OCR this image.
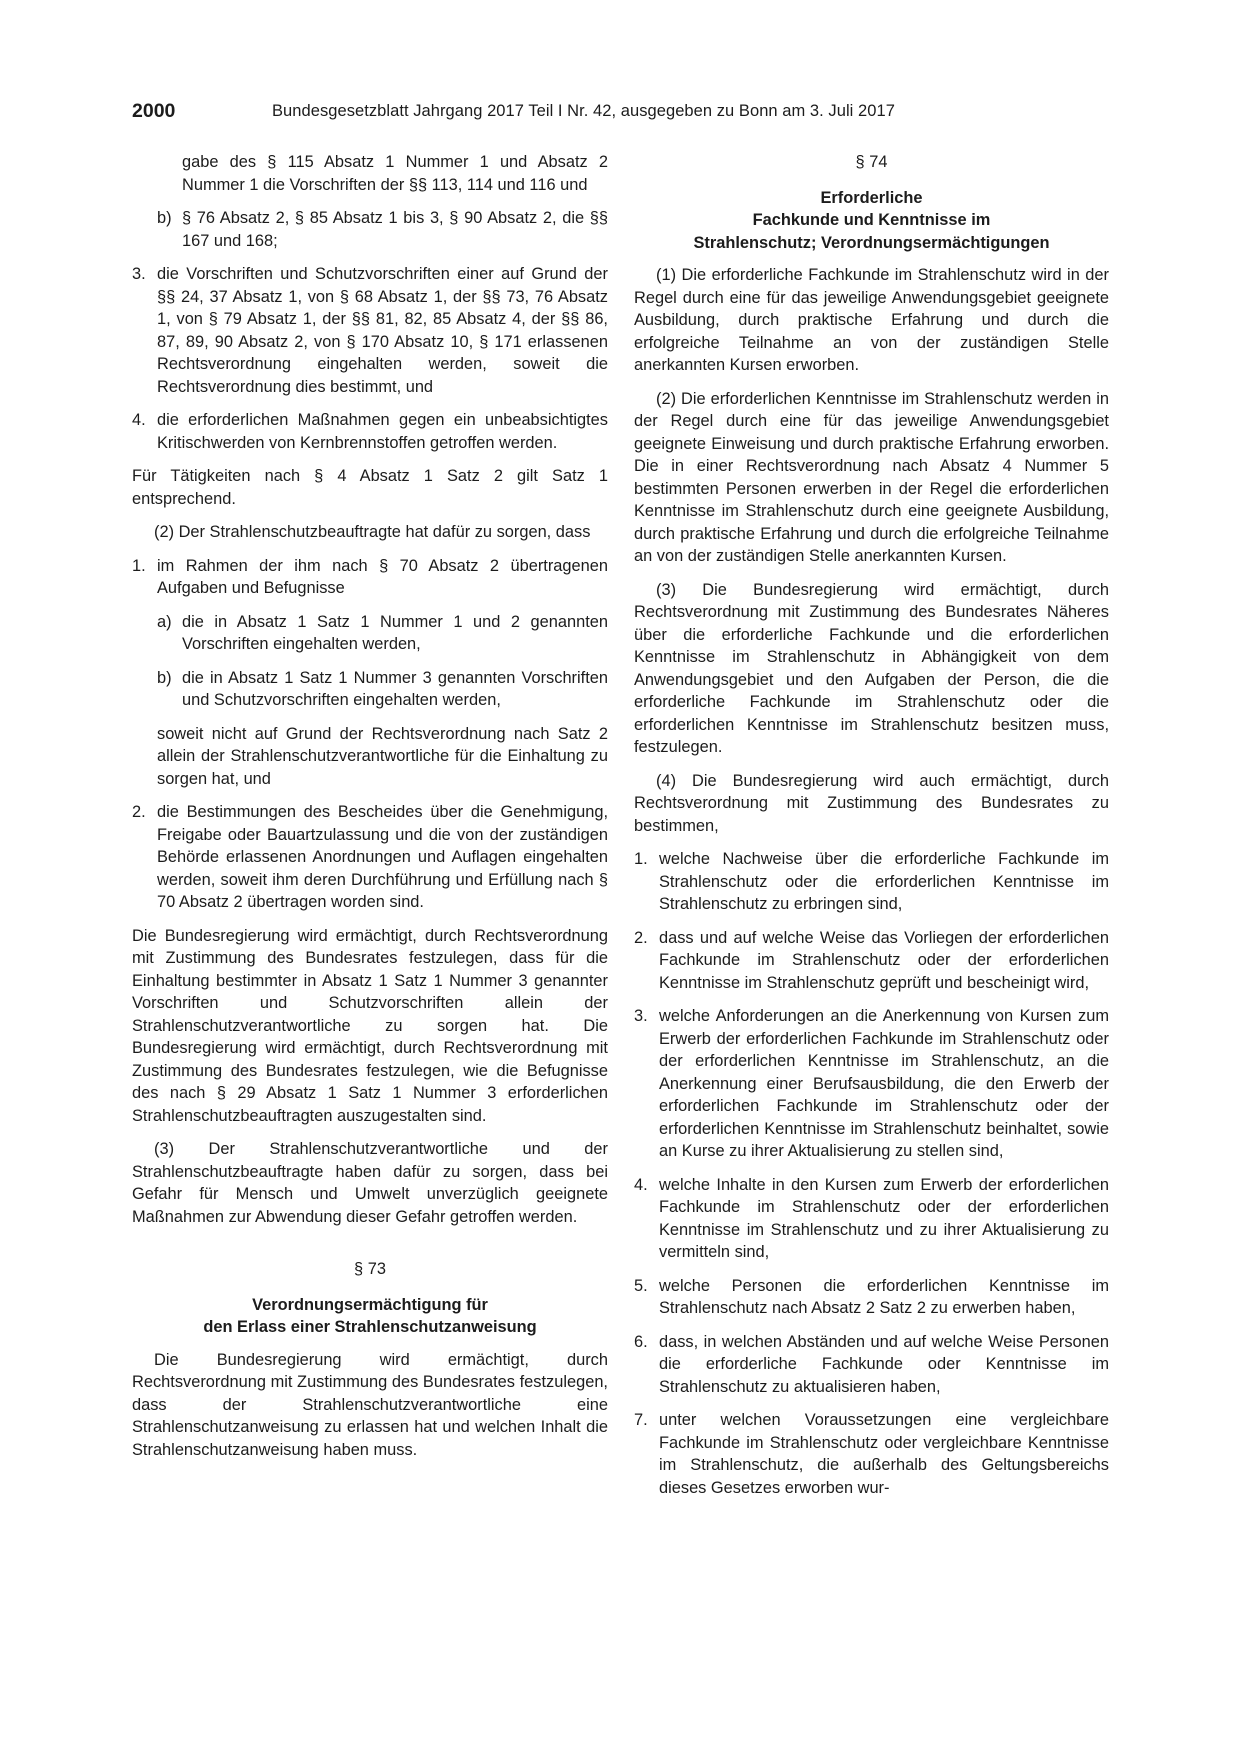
2000	Bundesgesetzblatt Jahrgang 2017 Teil I Nr. 42, ausgegeben zu Bonn am 3. Juli 2017

gabe des § 115 Absatz 1 Nummer 1 und Absatz 2 Nummer 1 die Vorschriften der §§ 113, 114 und 116 und

b) § 76 Absatz 2, § 85 Absatz 1 bis 3, § 90 Absatz 2, die §§ 167 und 168;

3. die Vorschriften und Schutzvorschriften einer auf Grund der §§ 24, 37 Absatz 1, von § 68 Absatz 1, der §§ 73, 76 Absatz 1, von § 79 Absatz 1, der §§ 81, 82, 85 Absatz 4, der §§ 86, 87, 89, 90 Absatz 2, von § 170 Absatz 10, § 171 erlassenen Rechtsverordnung eingehalten werden, soweit die Rechtsverordnung dies bestimmt, und

4. die erforderlichen Maßnahmen gegen ein unbeabsichtigtes Kritischwerden von Kernbrennstoffen getroffen werden.

Für Tätigkeiten nach § 4 Absatz 1 Satz 2 gilt Satz 1 entsprechend.

(2) Der Strahlenschutzbeauftragte hat dafür zu sorgen, dass

1. im Rahmen der ihm nach § 70 Absatz 2 übertragenen Aufgaben und Befugnisse

a) die in Absatz 1 Satz 1 Nummer 1 und 2 genannten Vorschriften eingehalten werden,

b) die in Absatz 1 Satz 1 Nummer 3 genannten Vorschriften und Schutzvorschriften eingehalten werden,

soweit nicht auf Grund der Rechtsverordnung nach Satz 2 allein der Strahlenschutzverantwortliche für die Einhaltung zu sorgen hat, und

2. die Bestimmungen des Bescheides über die Genehmigung, Freigabe oder Bauartzulassung und die von der zuständigen Behörde erlassenen Anordnungen und Auflagen eingehalten werden, soweit ihm deren Durchführung und Erfüllung nach § 70 Absatz 2 übertragen worden sind.

Die Bundesregierung wird ermächtigt, durch Rechtsverordnung mit Zustimmung des Bundesrates festzulegen, dass für die Einhaltung bestimmter in Absatz 1 Satz 1 Nummer 3 genannter Vorschriften und Schutzvorschriften allein der Strahlenschutzverantwortliche zu sorgen hat. Die Bundesregierung wird ermächtigt, durch Rechtsverordnung mit Zustimmung des Bundesrates festzulegen, wie die Befugnisse des nach § 29 Absatz 1 Satz 1 Nummer 3 erforderlichen Strahlenschutzbeauftragten auszugestalten sind.

(3) Der Strahlenschutzverantwortliche und der Strahlenschutzbeauftragte haben dafür zu sorgen, dass bei Gefahr für Mensch und Umwelt unverzüglich geeignete Maßnahmen zur Abwendung dieser Gefahr getroffen werden.

§ 73

Verordnungsermächtigung für

den Erlass einer Strahlenschutzanweisung

Die Bundesregierung wird ermächtigt, durch Rechtsverordnung mit Zustimmung des Bundesrates festzulegen, dass der Strahlenschutzverantwortliche eine Strahlenschutzanweisung zu erlassen hat und welchen Inhalt die Strahlenschutzanweisung haben muss.

§ 74

Erforderliche

Fachkunde und Kenntnisse im

Strahlenschutz; Verordnungsermächtigungen

(1) Die erforderliche Fachkunde im Strahlenschutz wird in der Regel durch eine für das jeweilige Anwendungsgebiet geeignete Ausbildung, durch praktische Erfahrung und durch die erfolgreiche Teilnahme an von der zuständigen Stelle anerkannten Kursen erworben.

(2) Die erforderlichen Kenntnisse im Strahlenschutz werden in der Regel durch eine für das jeweilige Anwendungsgebiet geeignete Einweisung und durch praktische Erfahrung erworben. Die in einer Rechtsverordnung nach Absatz 4 Nummer 5 bestimmten Personen erwerben in der Regel die erforderlichen Kenntnisse im Strahlenschutz durch eine geeignete Ausbildung, durch praktische Erfahrung und durch die erfolgreiche Teilnahme an von der zuständigen Stelle anerkannten Kursen.

(3) Die Bundesregierung wird ermächtigt, durch Rechtsverordnung mit Zustimmung des Bundesrates Näheres über die erforderliche Fachkunde und die erforderlichen Kenntnisse im Strahlenschutz in Abhängigkeit von dem Anwendungsgebiet und den Aufgaben der Person, die die erforderliche Fachkunde im Strahlenschutz oder die erforderlichen Kenntnisse im Strahlenschutz besitzen muss, festzulegen.

(4) Die Bundesregierung wird auch ermächtigt, durch Rechtsverordnung mit Zustimmung des Bundesrates zu bestimmen,

1. welche Nachweise über die erforderliche Fachkunde im Strahlenschutz oder die erforderlichen Kenntnisse im Strahlenschutz zu erbringen sind,

2. dass und auf welche Weise das Vorliegen der erforderlichen Fachkunde im Strahlenschutz oder der erforderlichen Kenntnisse im Strahlenschutz geprüft und bescheinigt wird,

3. welche Anforderungen an die Anerkennung von Kursen zum Erwerb der erforderlichen Fachkunde im Strahlenschutz oder der erforderlichen Kenntnisse im Strahlenschutz, an die Anerkennung einer Berufsausbildung, die den Erwerb der erforderlichen Fachkunde im Strahlenschutz oder der erforderlichen Kenntnisse im Strahlenschutz beinhaltet, sowie an Kurse zu ihrer Aktualisierung zu stellen sind,

4. welche Inhalte in den Kursen zum Erwerb der erforderlichen Fachkunde im Strahlenschutz oder der erforderlichen Kenntnisse im Strahlenschutz und zu ihrer Aktualisierung zu vermitteln sind,

5. welche Personen die erforderlichen Kenntnisse im Strahlenschutz nach Absatz 2 Satz 2 zu erwerben haben,

6. dass, in welchen Abständen und auf welche Weise Personen die erforderliche Fachkunde oder Kenntnisse im Strahlenschutz zu aktualisieren haben,

7. unter welchen Voraussetzungen eine vergleichbare Fachkunde im Strahlenschutz oder vergleichbare Kenntnisse im Strahlenschutz, die außerhalb des Geltungsbereichs dieses Gesetzes erworben wur-
